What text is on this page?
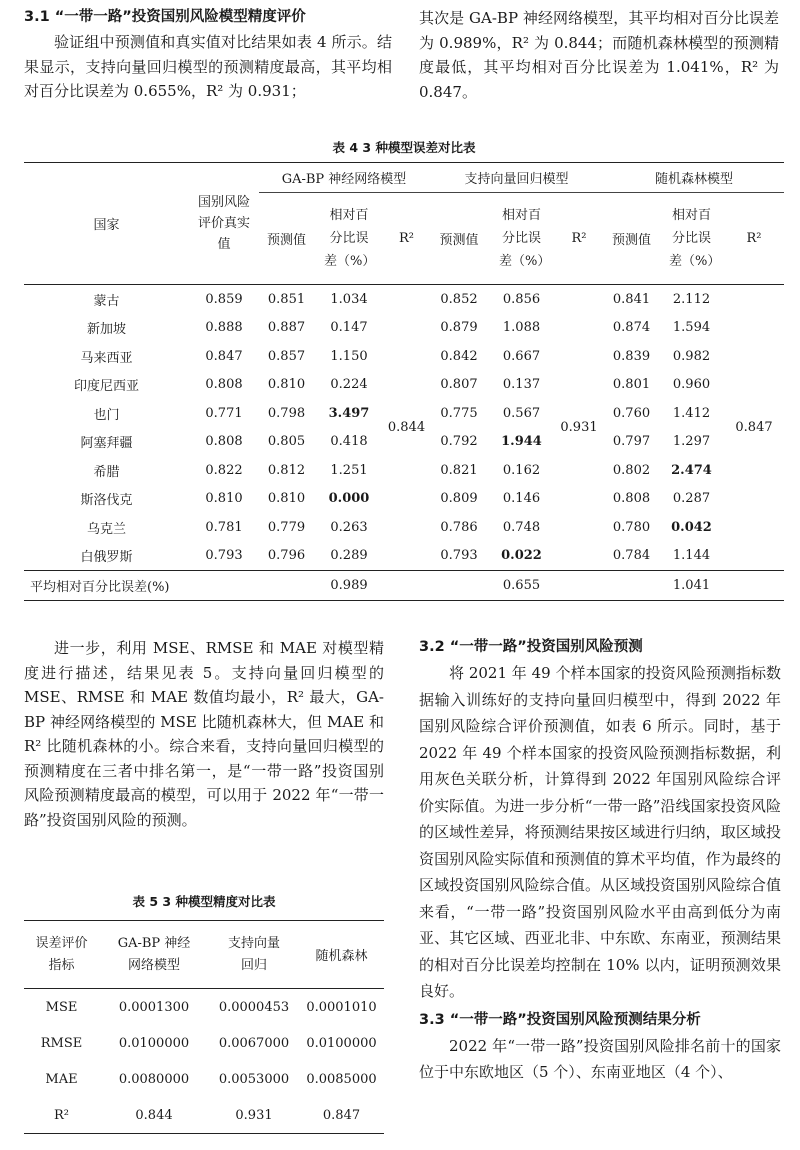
3.1 “一带一路”投资国别风险模型精度评价

验证组中预测值和真实值对比结果如表 4 所示。结果显示，支持向量回归模型的预测精度最高，其平均相对百分比误差为 0.655%，R² 为 0.931；

其次是 GA-BP 神经网络模型，其平均相对百分比误差为 0.989%，R² 为 0.844；而随机森林模型的预测精度最低，其平均相对百分比误差为 1.041%，R² 为 0.847。

表 4 3 种模型误差对比表
国家	国别风险评价真实值	GA-BP 神经网络模型			支持向量回归模型			随机森林模型		
		预测值	相对百分比误差（%）	R²	预测值	相对百分比误差（%）	R²	预测值	相对百分比误差（%）	R²
蒙古	0.859	0.851	1.034	0.844	0.852	0.856	0.931	0.841	2.112	0.847
新加坡	0.888	0.887	0.147		0.879	1.088		0.874	1.594	
马来西亚	0.847	0.857	1.150		0.842	0.667		0.839	0.982	
印度尼西亚	0.808	0.810	0.224		0.807	0.137		0.801	0.960	
也门	0.771	0.798	3.497		0.775	0.567		0.760	1.412	
阿塞拜疆	0.808	0.805	0.418		0.792	1.944		0.797	1.297	
希腊	0.822	0.812	1.251		0.821	0.162		0.802	2.474	
斯洛伐克	0.810	0.810	0.000		0.809	0.146		0.808	0.287	
乌克兰	0.781	0.779	0.263		0.786	0.748		0.780	0.042	
白俄罗斯	0.793	0.796	0.289		0.793	0.022		0.784	1.144	
平均相对百分比误差(%)			0.989			0.655			1.041	

进一步，利用 MSE、RMSE 和 MAE 对模型精度进行描述，结果见表 5。支持向量回归模型的 MSE、RMSE 和 MAE 数值均最小，R² 最大，GA-BP 神经网络模型的 MSE 比随机森林大，但 MAE 和 R² 比随机森林的小。综合来看，支持向量回归模型的预测精度在三者中排名第一，是“一带一路”投资国别风险预测精度最高的模型，可以用于 2022 年“一带一路”投资国别风险的预测。

表 5 3 种模型精度对比表
误差评价指标	GA-BP 神经网络模型	支持向量回归	随机森林
MSE	0.0001300	0.0000453	0.0001010
RMSE	0.0100000	0.0067000	0.0100000
MAE	0.0080000	0.0053000	0.0085000
R²	0.844	0.931	0.847
3.2 “一带一路”投资国别风险预测

将 2021 年 49 个样本国家的投资风险预测指标数据输入训练好的支持向量回归模型中，得到 2022 年国别风险综合评价预测值，如表 6 所示。同时，基于 2022 年 49 个样本国家的投资风险预测指标数据，利用灰色关联分析，计算得到 2022 年国别风险综合评价实际值。为进一步分析“一带一路”沿线国家投资风险的区域性差异，将预测结果按区域进行归纳，取区域投资国别风险实际值和预测值的算术平均值，作为最终的区域投资国别风险综合值。从区域投资国别风险综合值来看，“一带一路”投资国别风险水平由高到低分为南亚、其它区域、西亚北非、中东欧、东南亚，预测结果的相对百分比误差均控制在 10% 以内，证明预测效果良好。

3.3 “一带一路”投资国别风险预测结果分析

2022 年“一带一路”投资国别风险排名前十的国家位于中东欧地区（5 个）、东南亚地区（4 个）、
